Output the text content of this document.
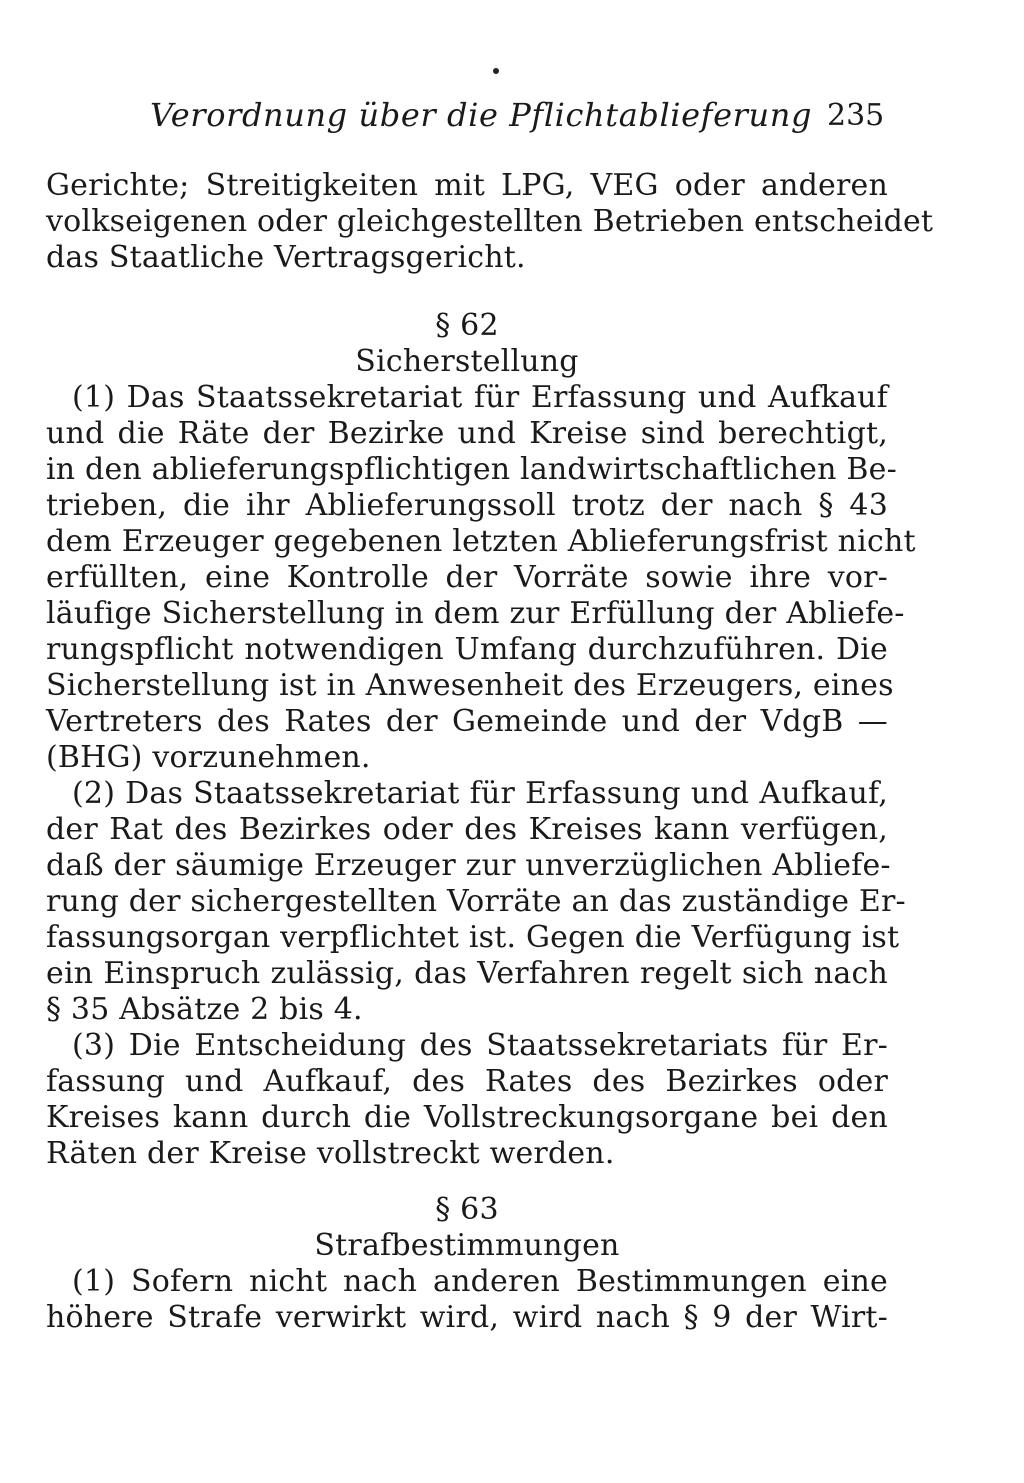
Verordnung über die Pflichtablieferung 235
Gerichte; Streitigkeiten mit LPG, VEG oder anderen
volkseigenen oder gleichgestellten Betrieben entscheidet
das Staatliche Vertragsgericht.
§ 62
Sicherstellung
(1) Das Staatssekretariat für Erfassung und Aufkauf
und die Räte der Bezirke und Kreise sind berechtigt,
in den ablieferungspflichtigen landwirtschaftlichen Be-
trieben, die ihr Ablieferungssoll trotz der nach § 43
dem Erzeuger gegebenen letzten Ablieferungsfrist nicht
erfüllten, eine Kontrolle der Vorräte sowie ihre vor-
läufige Sicherstellung in dem zur Erfüllung der Abliefe-
rungspflicht notwendigen Umfang durchzuführen. Die
Sicherstellung ist in Anwesenheit des Erzeugers, eines
Vertreters des Rates der Gemeinde und der VdgB —
(BHG) vorzunehmen.
(2) Das Staatssekretariat für Erfassung und Aufkauf,
der Rat des Bezirkes oder des Kreises kann verfügen,
daß der säumige Erzeuger zur unverzüglichen Abliefe-
rung der sichergestellten Vorräte an das zuständige Er-
fassungsorgan verpflichtet ist. Gegen die Verfügung ist
ein Einspruch zulässig, das Verfahren regelt sich nach
§ 35 Absätze 2 bis 4.
(3) Die Entscheidung des Staatssekretariats für Er-
fassung und Aufkauf, des Rates des Bezirkes oder
Kreises kann durch die Vollstreckungsorgane bei den
Räten der Kreise vollstreckt werden.
§ 63
Strafbestimmungen
(1) Sofern nicht nach anderen Bestimmungen eine
höhere Strafe verwirkt wird, wird nach § 9 der Wirt-
